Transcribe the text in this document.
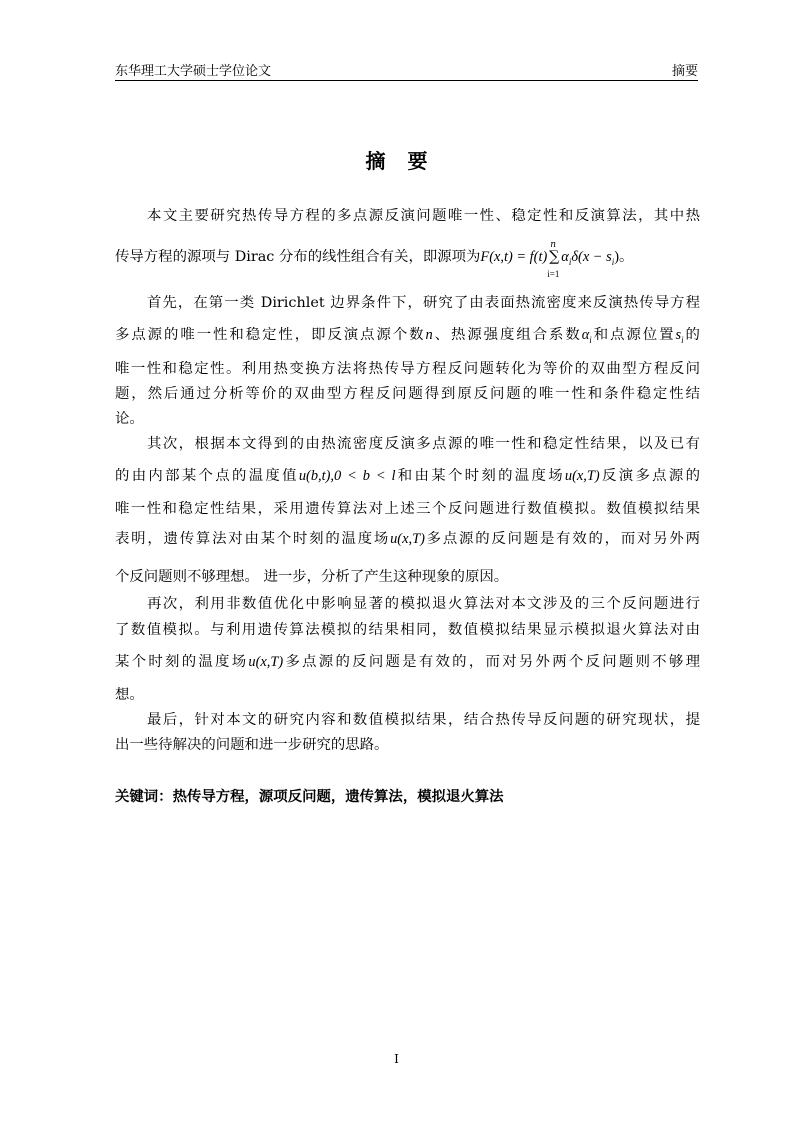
东华理工大学硕士学位论文	摘要
摘要
本文主要研究热传导方程的多点源反演问题唯一性、稳定性和反演算法，其中热
传导方程的源项与 Dirac 分布的线性组合有关，即源项为F(x,t) = f(t) ∑
n
i=1
$\alpha_i\delta(x - s_i)$。
首先，在第一类 Dirichlet 边界条件下，研究了由表面热流密度来反演热传导方程
多点源的唯一性和稳定性，即反演点源个数n、热源强度组合系数$\alpha_i$和点源位置$s_i$的
唯一性和稳定性。利用热变换方法将热传导方程反问题转化为等价的双曲型方程反问
题，然后通过分析等价的双曲型方程反问题得到原反问题的唯一性和条件稳定性结
论。
其次，根据本文得到的由热流密度反演多点源的唯一性和稳定性结果，以及已有
的由内部某个点的温度值u(b,t),0 < b < l和由某个时刻的温度场u(x,T)反演多点源的
唯一性和稳定性结果，采用遗传算法对上述三个反问题进行数值模拟。数值模拟结果
表明，遗传算法对由某个时刻的温度场u(x,T)多点源的反问题是有效的，而对另外两
个反问题则不够理想。 进一步，分析了产生这种现象的原因。
再次，利用非数值优化中影响显著的模拟退火算法对本文涉及的三个反问题进行
了数值模拟。与利用遗传算法模拟的结果相同，数值模拟结果显示模拟退火算法对由
某个时刻的温度场u(x,T)多点源的反问题是有效的，而对另外两个反问题则不够理
想。
最后，针对本文的研究内容和数值模拟结果，结合热传导反问题的研究现状，提
出一些待解决的问题和进一步研究的思路。
关键词：热传导方程，源项反问题，遗传算法，模拟退火算法
I
